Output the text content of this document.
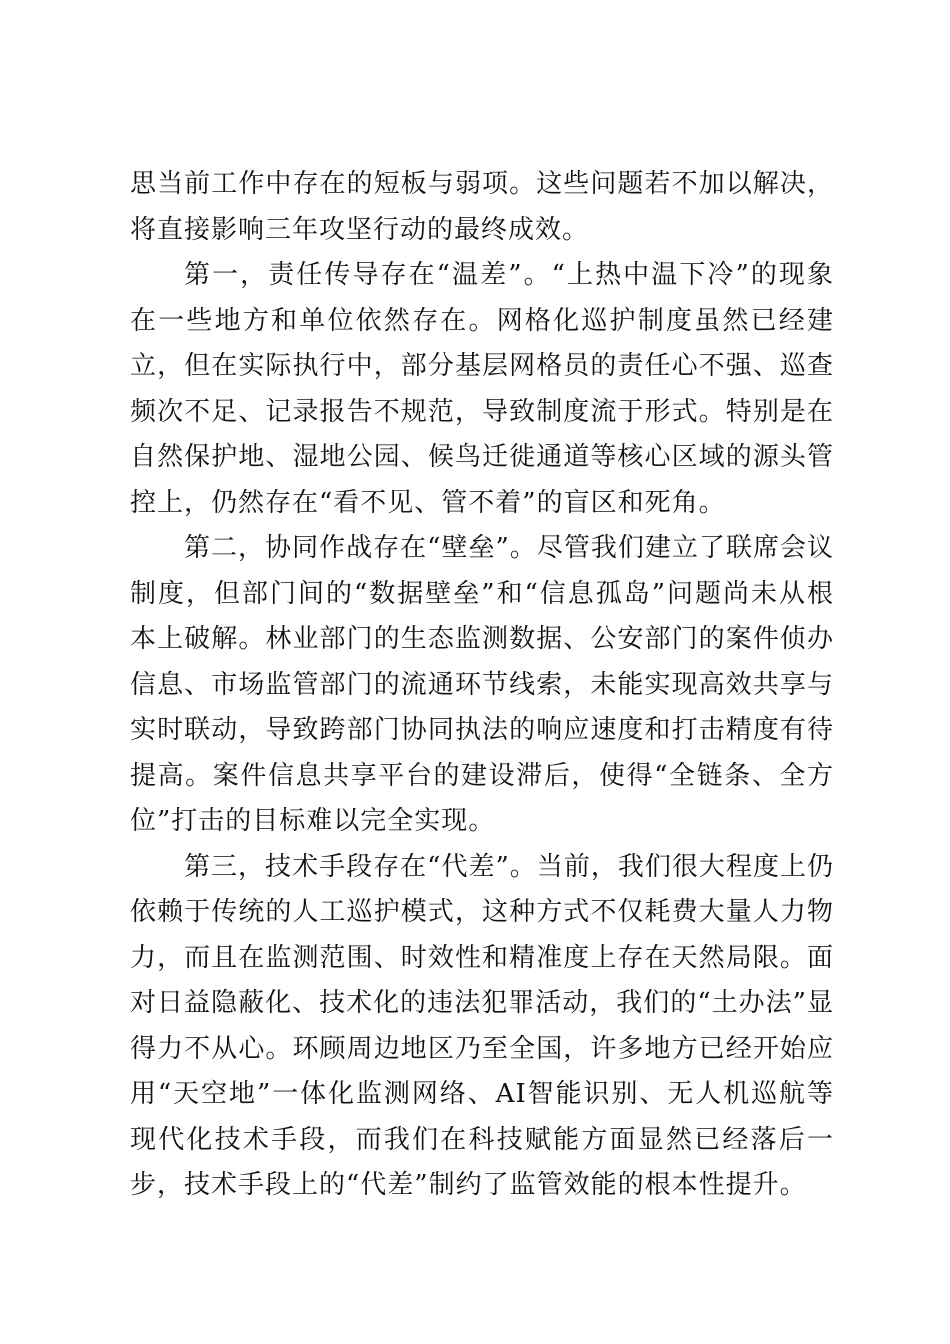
思当前工作中存在的短板与弱项。这些问题若不加以解决，将直接影响三年攻坚行动的最终成效。

第一，责任传导存在“温差”。“上热中温下冷”的现象在一些地方和单位依然存在。网格化巡护制度虽然已经建立，但在实际执行中，部分基层网格员的责任心不强、巡查频次不足、记录报告不规范，导致制度流于形式。特别是在自然保护地、湿地公园、候鸟迁徙通道等核心区域的源头管控上，仍然存在“看不见、管不着”的盲区和死角。

第二，协同作战存在“壁垒”。尽管我们建立了联席会议制度，但部门间的“数据壁垒”和“信息孤岛”问题尚未从根本上破解。林业部门的生态监测数据、公安部门的案件侦办信息、市场监管部门的流通环节线索，未能实现高效共享与实时联动，导致跨部门协同执法的响应速度和打击精度有待提高。案件信息共享平台的建设滞后，使得“全链条、全方位”打击的目标难以完全实现。

第三，技术手段存在“代差”。当前，我们很大程度上仍依赖于传统的人工巡护模式，这种方式不仅耗费大量人力物力，而且在监测范围、时效性和精准度上存在天然局限。面对日益隐蔽化、技术化的违法犯罪活动，我们的“土办法”显得力不从心。环顾周边地区乃至全国，许多地方已经开始应用“天空地”一体化监测网络、AI智能识别、无人机巡航等现代化技术手段，而我们在科技赋能方面显然已经落后一步，技术手段上的“代差”制约了监管效能的根本性提升。
